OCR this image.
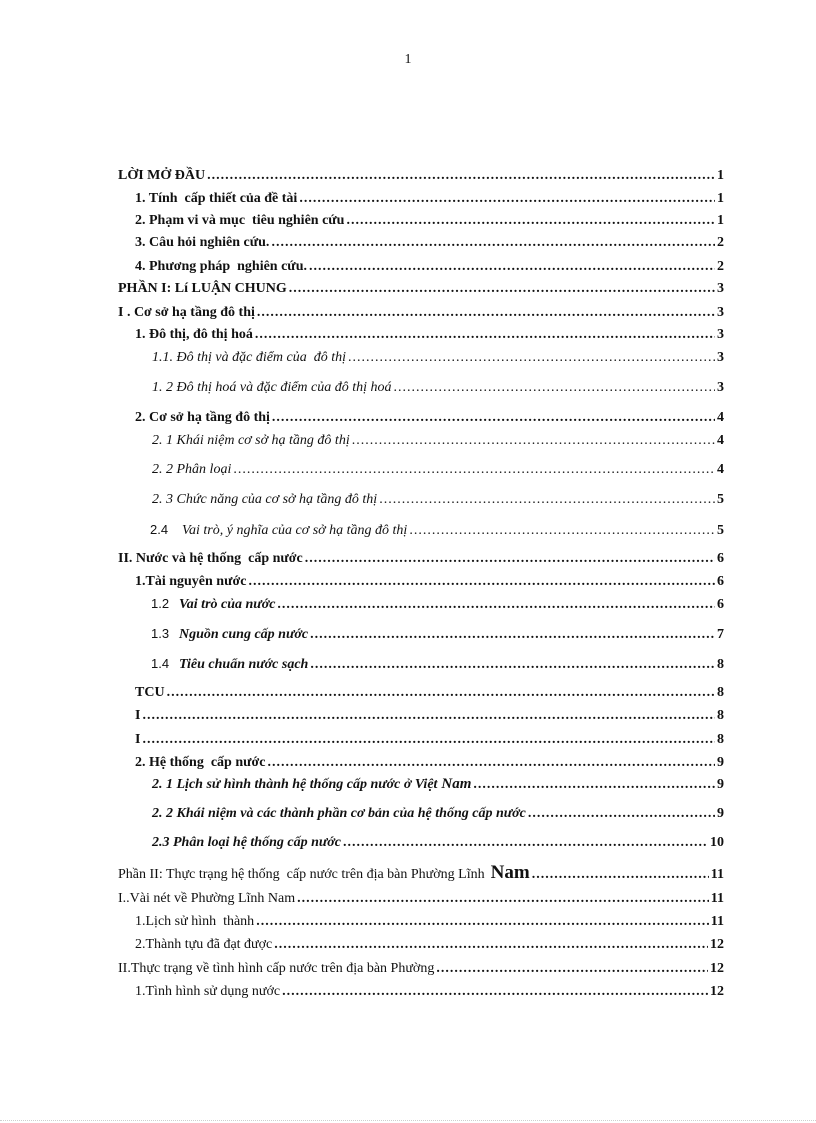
1
LỜI MỞ ĐẦU .....	1
1. Tính  cấp thiết của đề tài .....	1
2. Phạm vi và mục  tiêu nghiên cứu .....	1
3. Câu hỏi nghiên cứu. .....	2
4. Phương pháp  nghiên cứu. .....	2
PHẦN I: Lí LUẬN CHUNG .....	3
I . Cơ sở hạ tầng đô thị .....	3
1. Đô thị, đô thị hoá .....	3
1.1. Đô thị và đặc điểm của  đô thị .....	3
1. 2 Đô thị hoá và đặc điểm của đô thị hoá .....	3
2. Cơ sở hạ tầng đô thị .....	4
2. 1 Khái niệm cơ sở hạ tầng đô thị .....	4
2. 2 Phân loại .....	4
2. 3 Chức năng của cơ sở hạ tầng đô thị .....	5
2.4 Vai trò, ý nghĩa của cơ sở hạ tầng đô thị .....	5
II. Nước và hệ thống  cấp nước .....	6
1.Tài nguyên nước .....	6
1.2 Vai trò của nước .....	6
1.3 Nguồn cung cấp nước .....	7
1.4 Tiêu chuẩn nước sạch .....	8
TCU .....	8
I .....	8
I .....	8
2. Hệ thống  cấp nước .....	9
2. 1 Lịch sử hình thành hệ thống cấp nước ở Việt Nam .....	9
2. 2 Khái niệm và các thành phần cơ bản của hệ thống cấp nước .....	9
2.3 Phân loại hệ thống cấp nước .....	10
Phần II: Thực trạng hệ thống  cấp nước trên địa bàn Phường Lĩnh Nam .....	11
I..Vài nét về Phường Lĩnh Nam .....	11
1.Lịch sử hình  thành .....	11
2.Thành tựu đã đạt được .....	12
II.Thực trạng về tình hình cấp nước trên địa bàn Phường .....	12
1.Tình hình sử dụng nước .....	12
